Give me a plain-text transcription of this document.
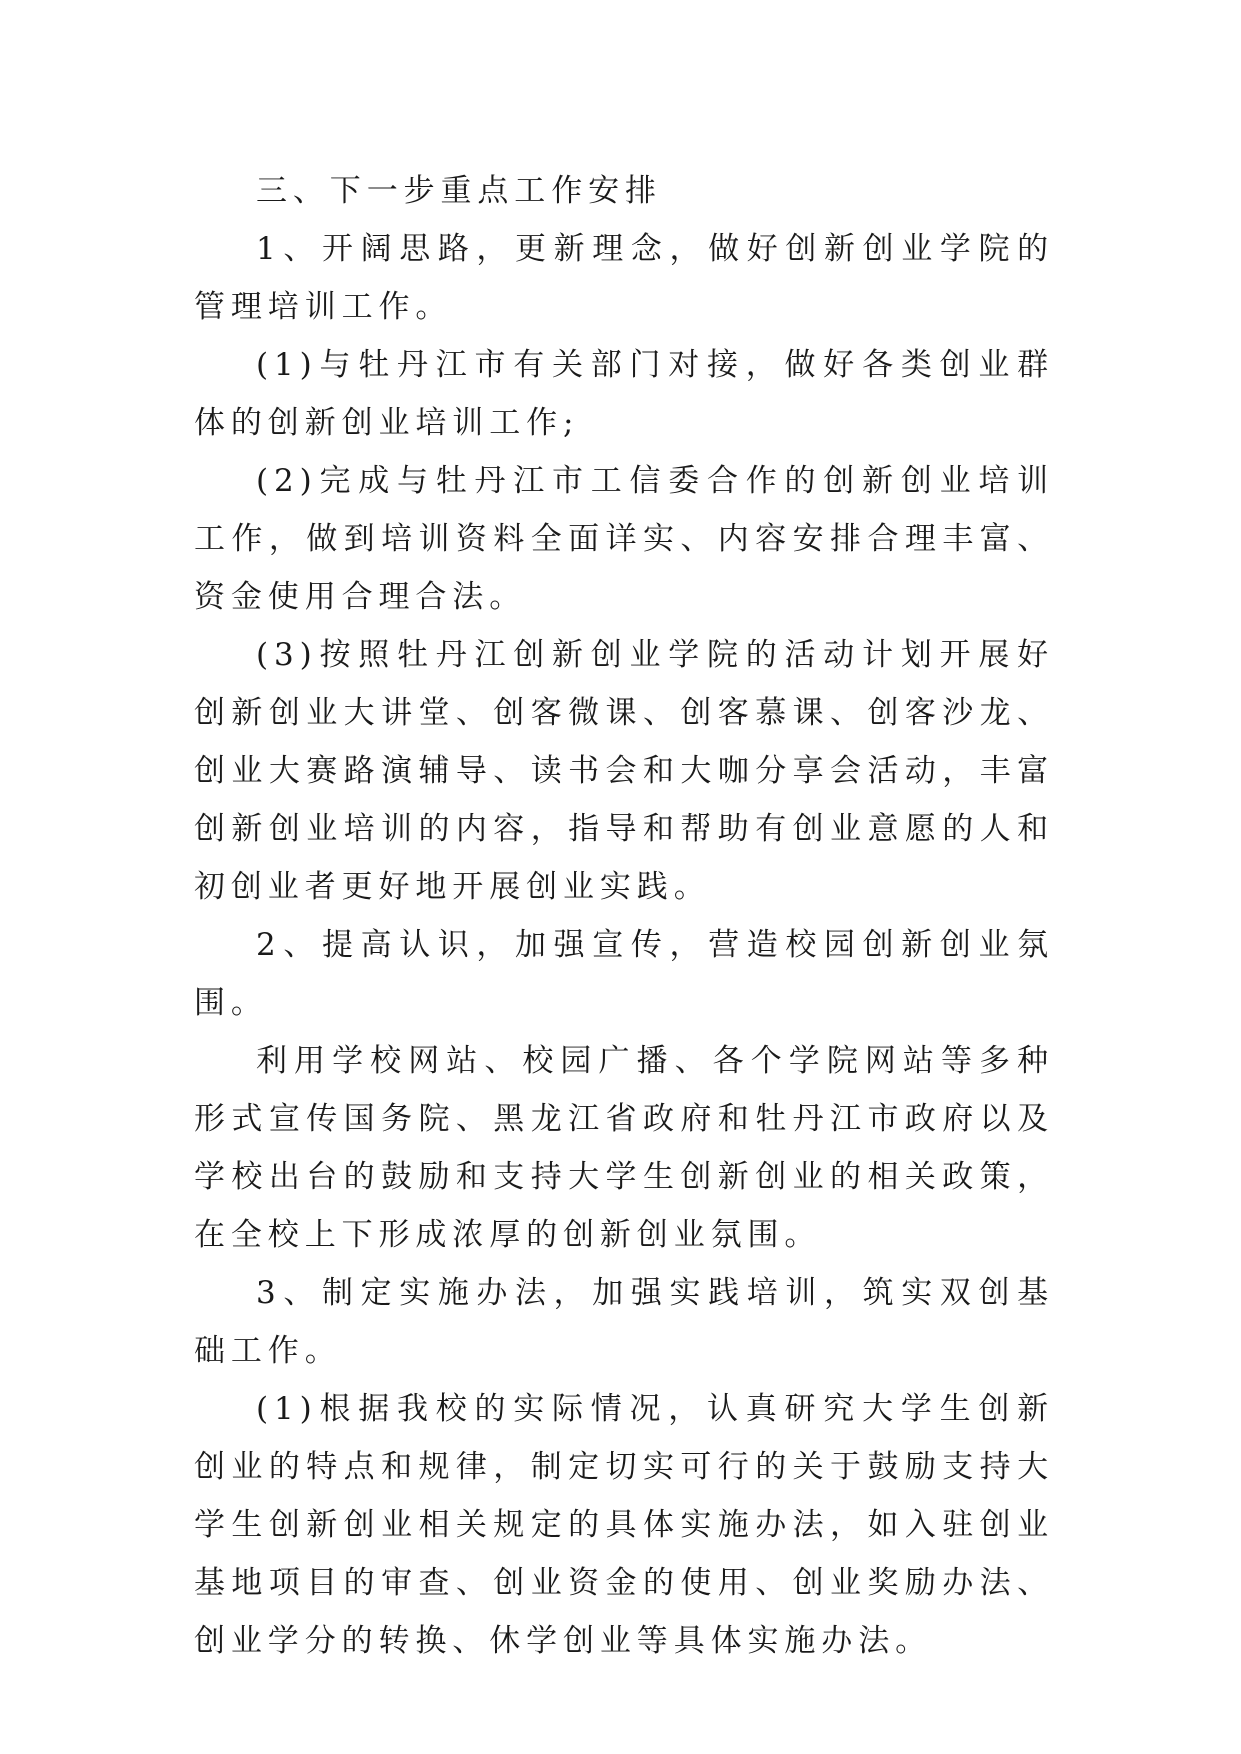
三、下一步重点工作安排

1、开阔思路，更新理念，做好创新创业学院的管理培训工作。

(1)与牡丹江市有关部门对接，做好各类创业群体的创新创业培训工作;

(2)完成与牡丹江市工信委合作的创新创业培训工作，做到培训资料全面详实、内容安排合理丰富、资金使用合理合法。

(3)按照牡丹江创新创业学院的活动计划开展好创新创业大讲堂、创客微课、创客慕课、创客沙龙、创业大赛路演辅导、读书会和大咖分享会活动，丰富创新创业培训的内容，指导和帮助有创业意愿的人和初创业者更好地开展创业实践。

2、提高认识，加强宣传，营造校园创新创业氛围。

利用学校网站、校园广播、各个学院网站等多种形式宣传国务院、黑龙江省政府和牡丹江市政府以及学校出台的鼓励和支持大学生创新创业的相关政策，在全校上下形成浓厚的创新创业氛围。

3、制定实施办法，加强实践培训，筑实双创基础工作。

(1)根据我校的实际情况，认真研究大学生创新创业的特点和规律，制定切实可行的关于鼓励支持大学生创新创业相关规定的具体实施办法，如入驻创业基地项目的审查、创业资金的使用、创业奖励办法、创业学分的转换、休学创业等具体实施办法。
